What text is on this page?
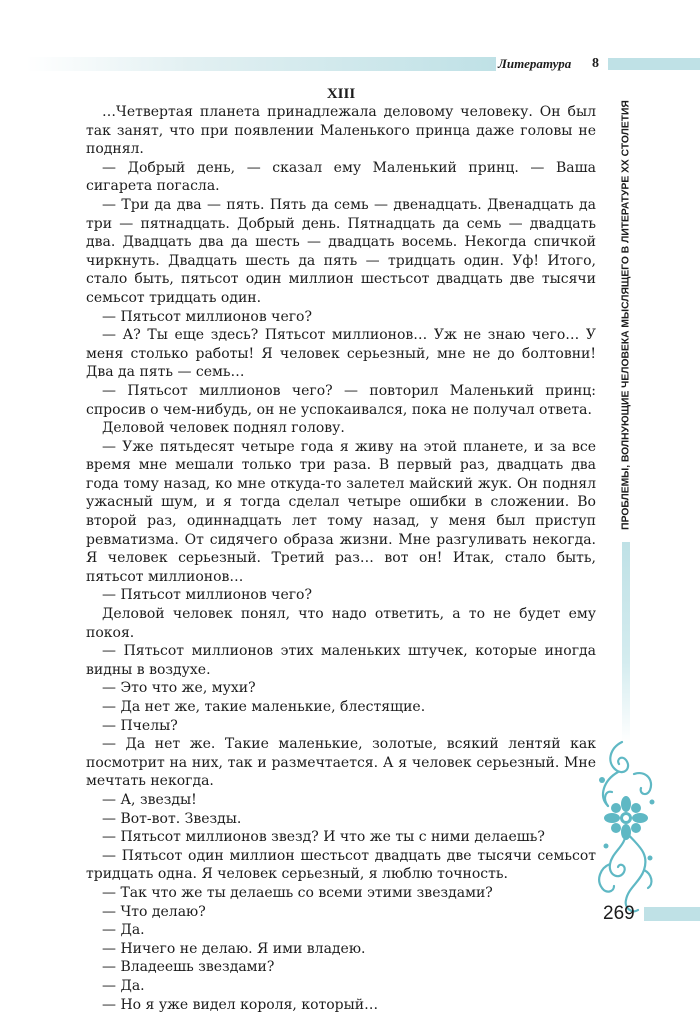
Литература 8
ПРОБЛЕМЫ, ВОЛНУЮЩИЕ ЧЕЛОВЕКА МЫСЛЯЩЕГО В ЛИТЕРАТУРЕ XX СТОЛЕТИЯ
269
XIII

…Четвертая планета принадлежала деловому человеку. Он был так занят, что при появлении Маленького принца даже головы не поднял.

— Добрый день, — сказал ему Маленький принц. — Ваша сигарета погасла.

— Три да два — пять. Пять да семь — двенадцать. Двенадцать да три — пятнадцать. Добрый день. Пятнадцать да семь — двадцать два. Двадцать два да шесть — двадцать восемь. Некогда спичкой чиркнуть. Двадцать шесть да пять — тридцать один. Уф! Итого, стало быть, пятьсот один миллион шестьсот двадцать две тысячи семьсот тридцать один.

— Пятьсот миллионов чего?

— А? Ты еще здесь? Пятьсот миллионов… Уж не знаю чего… У меня столько работы! Я человек серьезный, мне не до болтовни! Два да пять — семь…

— Пятьсот миллионов чего? — повторил Маленький принц: спросив о чем-нибудь, он не успокаивался, пока не получал ответа.

Деловой человек поднял голову.

— Уже пятьдесят четыре года я живу на этой планете, и за все время мне мешали только три раза. В первый раз, двадцать два года тому назад, ко мне откуда-то залетел майский жук. Он поднял ужасный шум, и я тогда сделал четыре ошибки в сложении. Во второй раз, одиннадцать лет тому назад, у меня был приступ ревматизма. От сидячего образа жизни. Мне разгуливать некогда. Я человек серьезный. Третий раз… вот он! Итак, стало быть, пятьсот миллионов…

— Пятьсот миллионов чего?

Деловой человек понял, что надо ответить, а то не будет ему покоя.

— Пятьсот миллионов этих маленьких штучек, которые иногда видны в воздухе.

— Это что же, мухи?

— Да нет же, такие маленькие, блестящие.

— Пчелы?

— Да нет же. Такие маленькие, золотые, всякий лентяй как посмотрит на них, так и размечтается. А я человек серьезный. Мне мечтать некогда.

— А, звезды!

— Вот-вот. Звезды.

— Пятьсот миллионов звезд? И что же ты с ними делаешь?

— Пятьсот один миллион шестьсот двадцать две тысячи семьсот тридцать одна. Я человек серьезный, я люблю точность.

— Так что же ты делаешь со всеми этими звездами?

— Что делаю?

— Да.

— Ничего не делаю. Я ими владею.

— Владеешь звездами?

— Да.

— Но я уже видел короля, который…
